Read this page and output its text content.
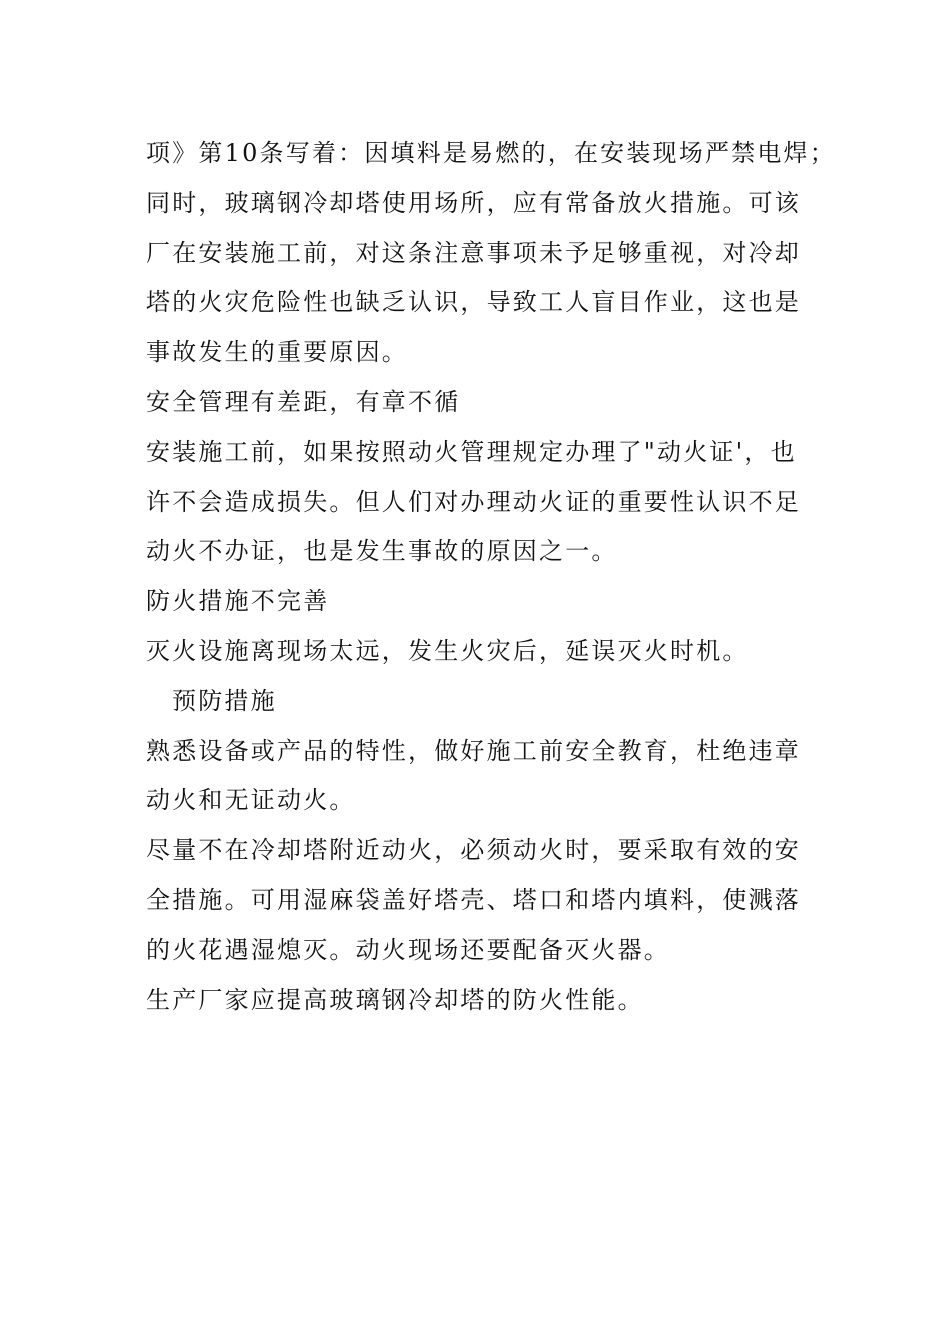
项》第10条写着：因填料是易燃的，在安装现场严禁电焊；

同时，玻璃钢冷却塔使用场所，应有常备放火措施。可该

厂在安装施工前，对这条注意事项未予足够重视，对冷却

塔的火灾危险性也缺乏认识，导致工人盲目作业，这也是

事故发生的重要原因。

安全管理有差距，有章不循

安装施工前，如果按照动火管理规定办理了"动火证'，也

许不会造成损失。但人们对办理动火证的重要性认识不足

动火不办证，也是发生事故的原因之一。

防火措施不完善

灭火设施离现场太远，发生火灾后，延误灭火时机。

预防措施

熟悉设备或产品的特性，做好施工前安全教育，杜绝违章

动火和无证动火。

尽量不在冷却塔附近动火，必须动火时，要采取有效的安

全措施。可用湿麻袋盖好塔壳、塔口和塔内填料，使溅落

的火花遇湿熄灭。动火现场还要配备灭火器。

生产厂家应提高玻璃钢冷却塔的防火性能。
